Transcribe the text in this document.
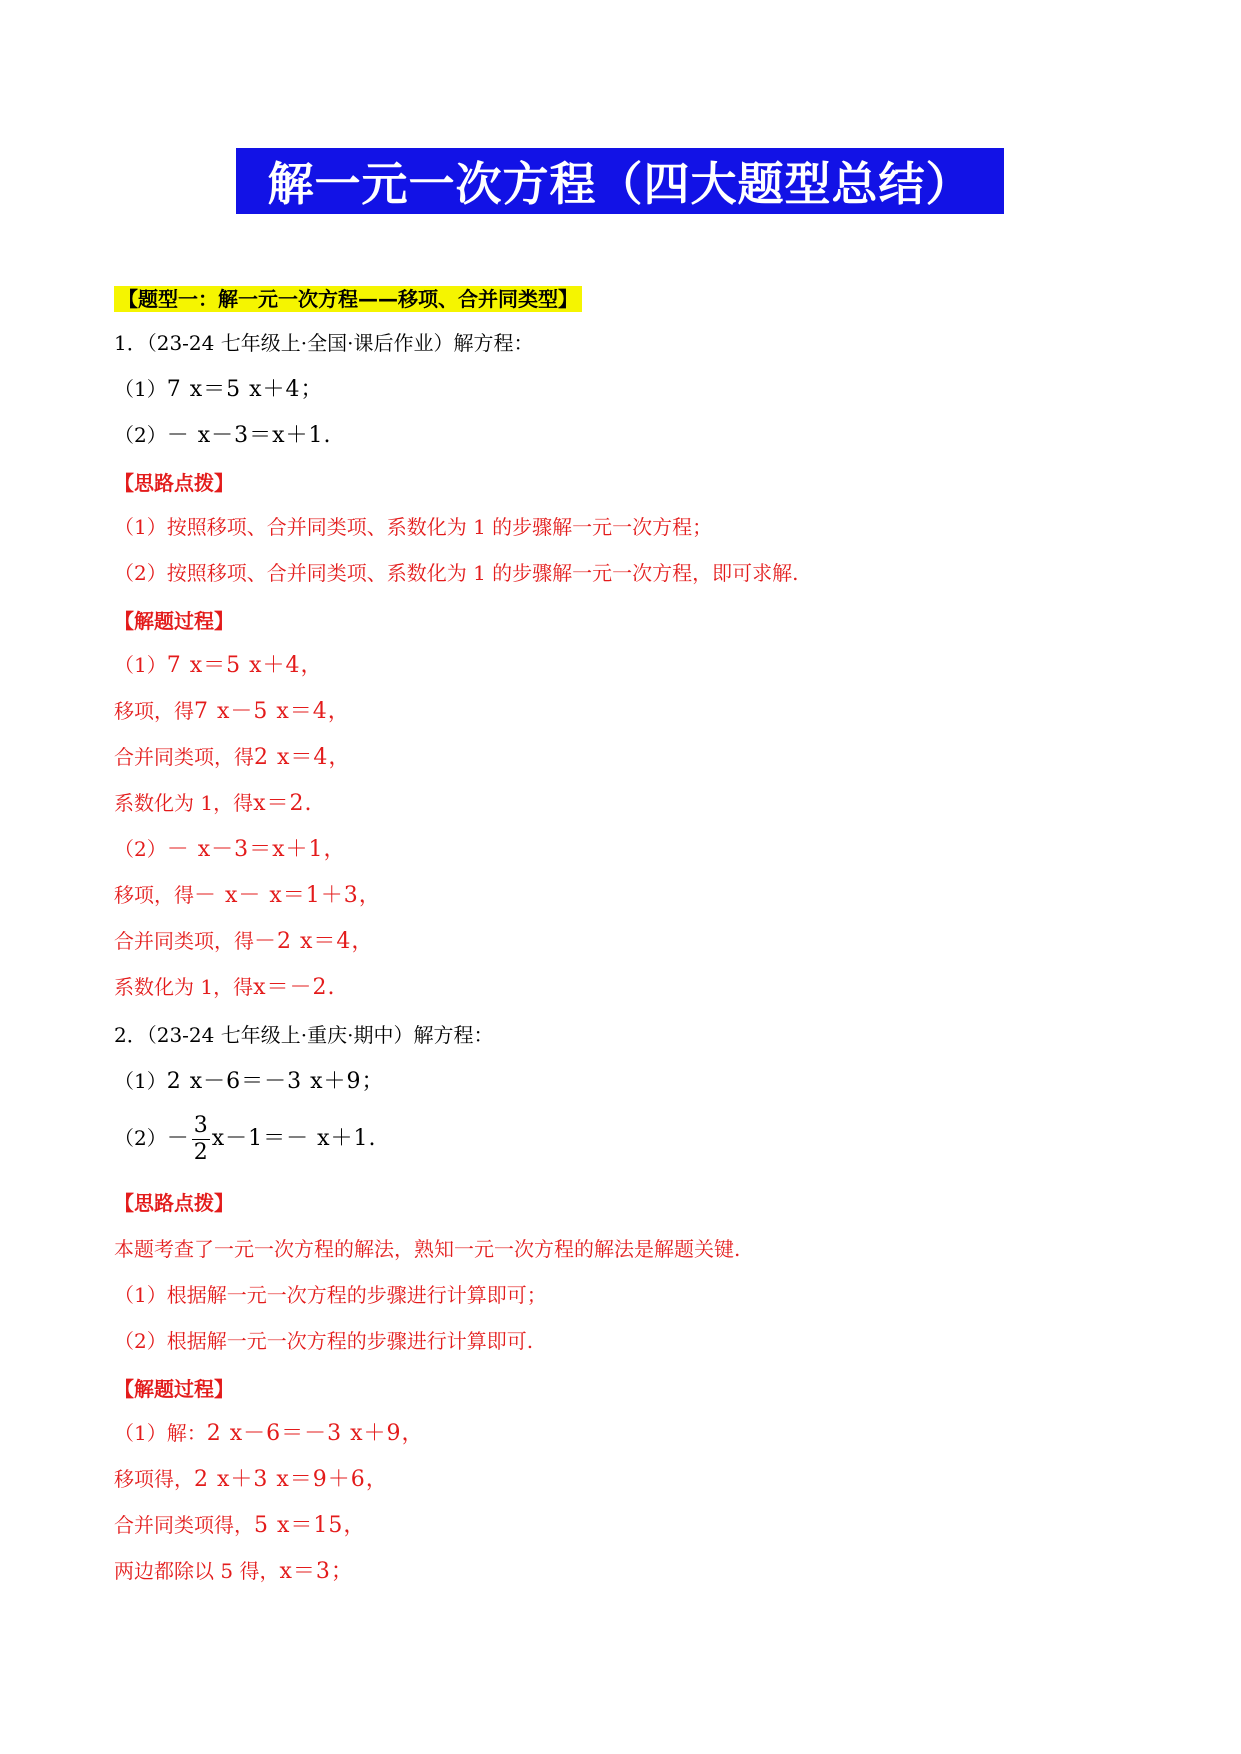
解一元一次方程（四大题型总结）
【题型一：解一元一次方程——移项、合并同类型】
1．（23-24 七年级上·全国·课后作业）解方程：
（1）7 x＝5 x＋4；
（2）－ x－3＝x＋1.
【思路点拨】
（1）按照移项、合并同类项、系数化为 1 的步骤解一元一次方程；
（2）按照移项、合并同类项、系数化为 1 的步骤解一元一次方程，即可求解.
【解题过程】
（1）7 x＝5 x＋4，
移项，得7 x－5 x＝4，
合并同类项，得2 x＝4，
系数化为 1，得x＝2.
（2）－ x－3＝x＋1，
移项，得－ x－ x＝1＋3，
合并同类项，得－2 x＝4，
系数化为 1，得x＝－2.
2．（23-24 七年级上·重庆·期中）解方程：
（1）2 x－6＝－3 x＋9；
$(2)- \frac{3}{2} x-1=- x+1$.
【思路点拨】
本题考查了一元一次方程的解法，熟知一元一次方程的解法是解题关键.
（1）根据解一元一次方程的步骤进行计算即可；
（2）根据解一元一次方程的步骤进行计算即可.
【解题过程】
（1）解：2 x－6＝－3 x＋9，
移项得，2 x＋3 x＝9＋6，
合并同类项得，5 x＝15，
两边都除以 5 得，x＝3；
